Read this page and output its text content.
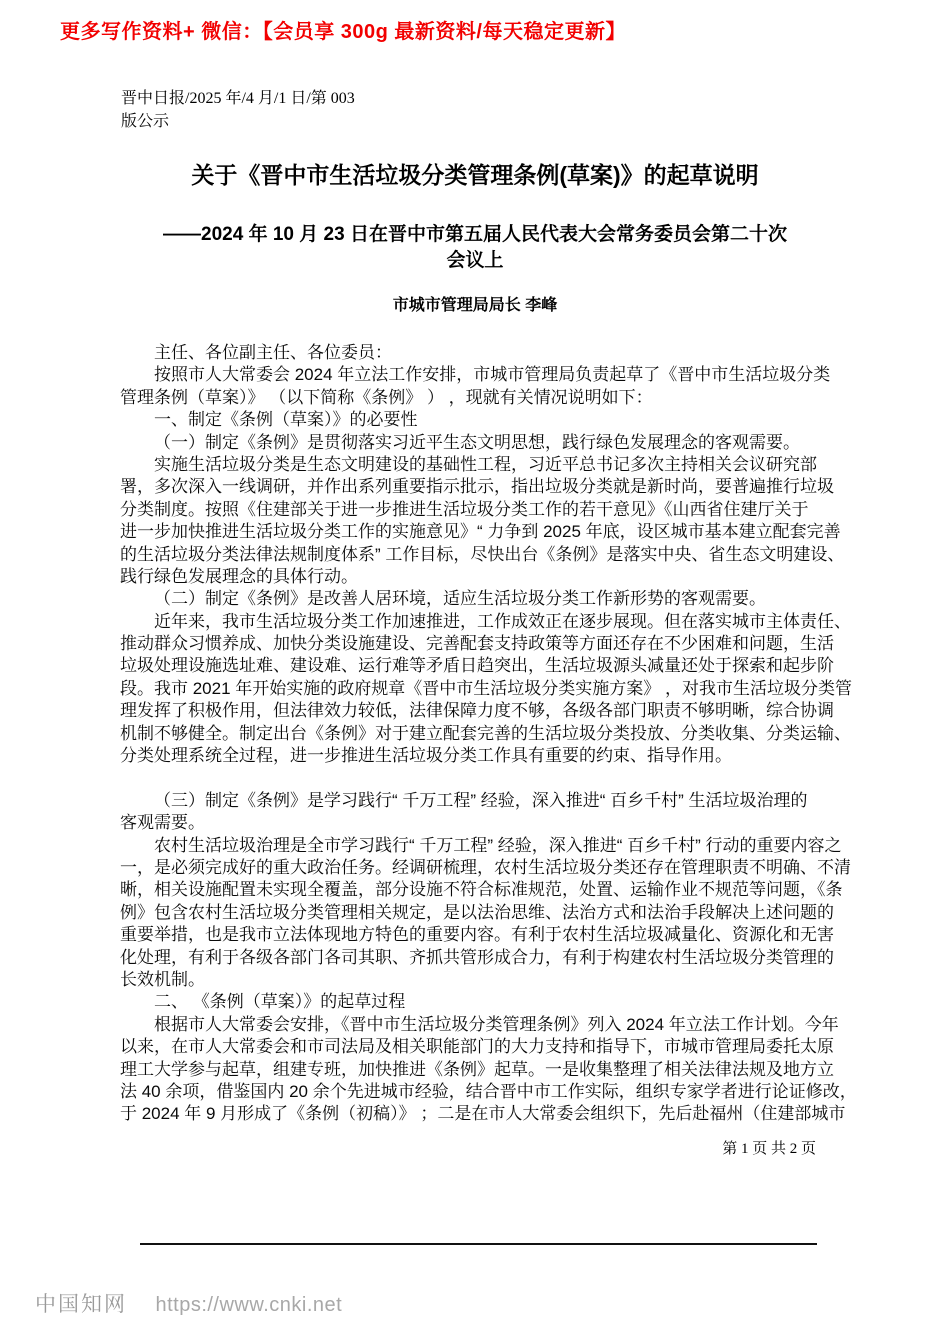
更多写作资料+ 微信：【会员享 300g 最新资料/每天稳定更新】
晋中日报/2025 年/4 月/1 日/第 003
版公示
关于《晋中市生活垃圾分类管理条例(草案)》的起草说明
——2024 年 10 月 23 日在晋中市第五届人民代表大会常务委员会第二十次
会议上
市城市管理局局长 李峰
主任、各位副主任、各位委员：
按照市人大常委会 2024 年立法工作安排，市城市管理局负责起草了《晋中市生活垃圾分类
管理条例（草案）》 （以下简称《条例》 ） ，现就有关情况说明如下：
一、制定《条例（草案）》的必要性
（一）制定《条例》是贯彻落实习近平生态文明思想，践行绿色发展理念的客观需要。
实施生活垃圾分类是生态文明建设的基础性工程，习近平总书记多次主持相关会议研究部
署，多次深入一线调研，并作出系列重要指示批示，指出垃圾分类就是新时尚，要普遍推行垃圾
分类制度。按照《住建部关于进一步推进生活垃圾分类工作的若干意见》《山西省住建厅关于
进一步加快推进生活垃圾分类工作的实施意见》“ 力争到 2025 年底，设区城市基本建立配套完善
的生活垃圾分类法律法规制度体系” 工作目标，尽快出台《条例》是落实中央、省生态文明建设、
践行绿色发展理念的具体行动。
（二）制定《条例》是改善人居环境，适应生活垃圾分类工作新形势的客观需要。
近年来，我市生活垃圾分类工作加速推进，工作成效正在逐步展现。但在落实城市主体责任、
推动群众习惯养成、加快分类设施建设、完善配套支持政策等方面还存在不少困难和问题，生活
垃圾处理设施选址难、建设难、运行难等矛盾日趋突出，生活垃圾源头减量还处于探索和起步阶
段。我市 2021 年开始实施的政府规章《晋中市生活垃圾分类实施方案》 ，对我市生活垃圾分类管
理发挥了积极作用，但法律效力较低，法律保障力度不够，各级各部门职责不够明晰，综合协调
机制不够健全。制定出台《条例》对于建立配套完善的生活垃圾分类投放、分类收集、分类运输、
分类处理系统全过程，进一步推进生活垃圾分类工作具有重要的约束、指导作用。
（三）制定《条例》是学习践行“ 千万工程” 经验，深入推进“ 百乡千村” 生活垃圾治理的
客观需要。
农村生活垃圾治理是全市学习践行“ 千万工程” 经验，深入推进“ 百乡千村” 行动的重要内容之
一，是必须完成好的重大政治任务。经调研梳理，农村生活垃圾分类还存在管理职责不明确、不清
晰，相关设施配置未实现全覆盖，部分设施不符合标准规范，处置、运输作业不规范等问题，《条
例》包含农村生活垃圾分类管理相关规定，是以法治思维、法治方式和法治手段解决上述问题的
重要举措，也是我市立法体现地方特色的重要内容。有利于农村生活垃圾减量化、资源化和无害
化处理，有利于各级各部门各司其职、齐抓共管形成合力，有利于构建农村生活垃圾分类管理的
长效机制。
二、 《条例（草案）》的起草过程
根据市人大常委会安排，《晋中市生活垃圾分类管理条例》列入 2024 年立法工作计划。今年
以来，在市人大常委会和市司法局及相关职能部门的大力支持和指导下，市城市管理局委托太原
理工大学参与起草，组建专班，加快推进《条例》起草。一是收集整理了相关法律法规及地方立
法 40 余项，借鉴国内 20 余个先进城市经验，结合晋中市工作实际，组织专家学者进行论证修改，
于 2024 年 9 月形成了《条例（初稿）》 ；二是在市人大常委会组织下，先后赴福州（住建部城市
第 1 页 共 2 页
中国知网 https://www.cnki.net
